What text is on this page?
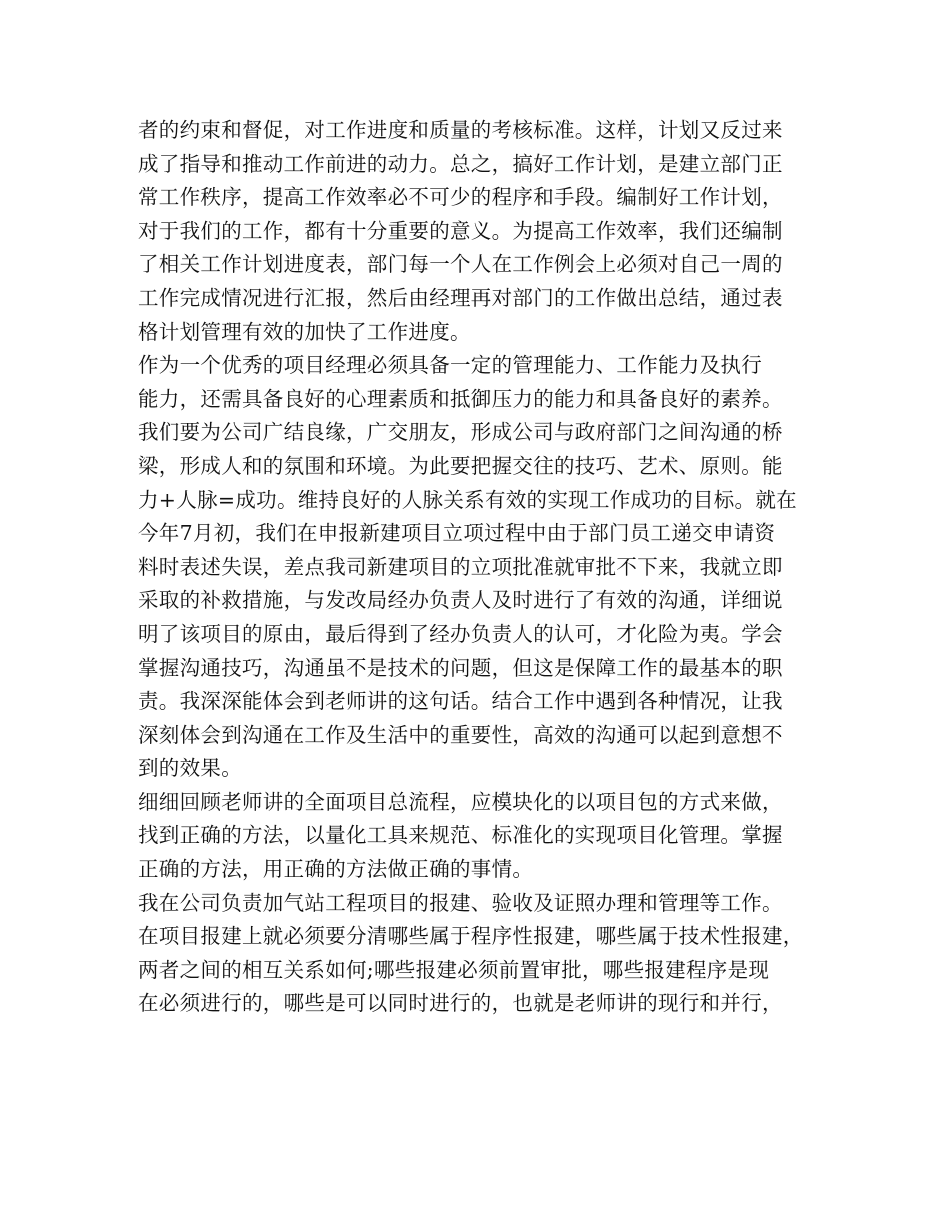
者的约束和督促，对工作进度和质量的考核标准。这样，计划又反过来
成了指导和推动工作前进的动力。总之，搞好工作计划，是建立部门正
常工作秩序，提高工作效率必不可少的程序和手段。编制好工作计划，
对于我们的工作，都有十分重要的意义。为提高工作效率，我们还编制
了相关工作计划进度表，部门每一个人在工作例会上必须对自己一周的
工作完成情况进行汇报，然后由经理再对部门的工作做出总结，通过表
格计划管理有效的加快了工作进度。
作为一个优秀的项目经理必须具备一定的管理能力、工作能力及执行
能力，还需具备良好的心理素质和抵御压力的能力和具备良好的素养。
我们要为公司广结良缘，广交朋友，形成公司与政府部门之间沟通的桥
梁，形成人和的氛围和环境。为此要把握交往的技巧、艺术、原则。能
力+人脉=成功。维持良好的人脉关系有效的实现工作成功的目标。就在
今年7月初，我们在申报新建项目立项过程中由于部门员工递交申请资
料时表述失误，差点我司新建项目的立项批准就审批不下来，我就立即
采取的补救措施，与发改局经办负责人及时进行了有效的沟通，详细说
明了该项目的原由，最后得到了经办负责人的认可，才化险为夷。学会
掌握沟通技巧，沟通虽不是技术的问题，但这是保障工作的最基本的职
责。我深深能体会到老师讲的这句话。结合工作中遇到各种情况，让我
深刻体会到沟通在工作及生活中的重要性，高效的沟通可以起到意想不
到的效果。
细细回顾老师讲的全面项目总流程，应模块化的以项目包的方式来做，
找到正确的方法，以量化工具来规范、标准化的实现项目化管理。掌握
正确的方法，用正确的方法做正确的事情。
我在公司负责加气站工程项目的报建、验收及证照办理和管理等工作。
在项目报建上就必须要分清哪些属于程序性报建，哪些属于技术性报建，
两者之间的相互关系如何;哪些报建必须前置审批，哪些报建程序是现
在必须进行的，哪些是可以同时进行的，也就是老师讲的现行和并行，
